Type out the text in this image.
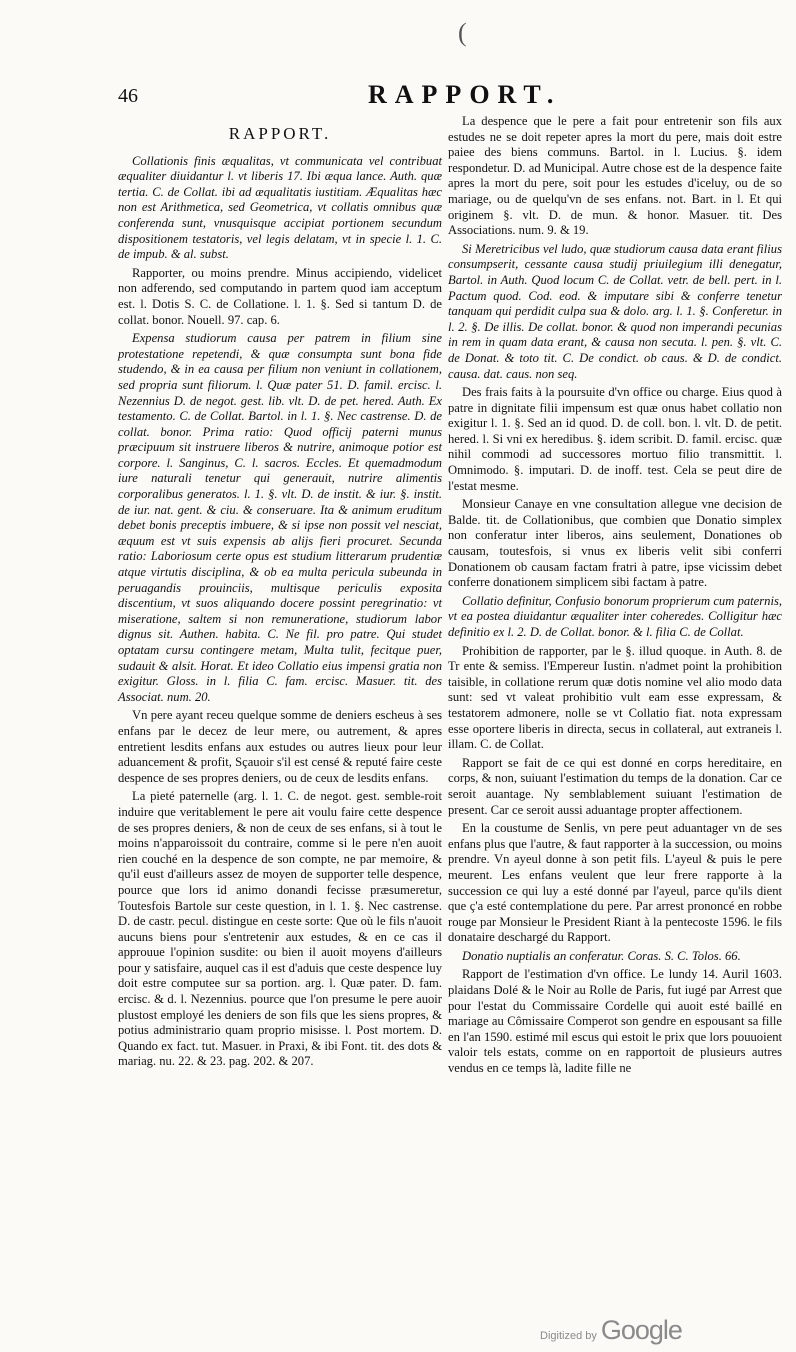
(
46	RAPPORT.
RAPPORT.

Collationis finis æqualitas, vt communicata vel contribuat æqualiter diuidantur l. vt liberis 17. Ibi æqua lance. Auth. quæ tertia. C. de Collat. ibi ad æqualitatis iustitiam. Æqualitas hæc non est Arithmetica, sed Geometrica, vt collatis omnibus quæ conferenda sunt, vnusquisque accipiat portionem secundum dispositionem testatoris, vel legis delatam, vt in specie l. 1. C. de impub. & al. subst.

Rapporter, ou moins prendre. Minus accipiendo, videlicet non adferendo, sed computando in partem quod iam acceptum est. l. Dotis S. C. de Collatione. l. 1. §. Sed si tantum D. de collat. bonor. Nouell. 97. cap. 6.

Expensa studiorum causa per patrem in filium sine protestatione repetendi, & quæ consumpta sunt bona fide studendo, & in ea causa per filium non veniunt in collationem, sed propria sunt filiorum. l. Quæ pater 51. D. famil. ercisc. l. Nezennius D. de negot. gest. lib. vlt. D. de pet. hered. Auth. Ex testamento. C. de Collat. Bartol. in l. 1. §. Nec castrense. D. de collat. bonor. Prima ratio: Quod officij paterni munus præcipuum sit instruere liberos & nutrire, animoque potior est corpore. l. Sanginus, C. l. sacros. Eccles. Et quemadmodum iure naturali tenetur qui generauit, nutrire alimentis corporalibus generatos. l. 1. §. vlt. D. de instit. & iur. §. instit. de iur. nat. gent. & ciu. & conseruare. Ita & animum eruditum debet bonis preceptis imbuere, & si ipse non possit vel nesciat, æquum est vt suis expensis ab alijs fieri procuret. Secunda ratio: Laboriosum certe opus est studium litterarum prudentiæ atque virtutis disciplina, & ob ea multa pericula subeunda in peruagandis prouinciis, multisque periculis exposita discentium, vt suos aliquando docere possint peregrinatio: vt miseratione, saltem si non remuneratione, studiorum labor dignus sit. Authen. habita. C. Ne fil. pro patre. Qui studet optatam cursu contingere metam, Multa tulit, fecitque puer, sudauit & alsit. Horat. Et ideo Collatio eius impensi gratia non exigitur. Gloss. in l. filia C. fam. ercisc. Masuer. tit. des Associat. num. 20.

Vn pere ayant receu quelque somme de deniers escheus à ses enfans par le decez de leur mere, ou autrement, & apres entretient lesdits enfans aux estudes ou autres lieux pour leur aduancement & profit, Sçauoir s'il est censé & reputé faire ceste despence de ses propres deniers, ou de ceux de lesdits enfans.

La pieté paternelle (arg. l. 1. C. de negot. gest. semble-roit induire que veritablement le pere ait voulu faire cette despence de ses propres deniers, & non de ceux de ses enfans, si à tout le moins n'apparoissoit du contraire, comme si le pere n'en auoit rien couché en la despence de son compte, ne par memoire, & qu'il eust d'ailleurs assez de moyen de supporter telle despence, pource que lors id animo donandi fecisse præsumeretur, Toutesfois Bartole sur ceste question, in l. 1. §. Nec castrense. D. de castr. pecul. distingue en ceste sorte: Que où le fils n'auoit aucuns biens pour s'entretenir aux estudes, & en ce cas il approuue l'opinion susdite: ou bien il auoit moyens d'ailleurs pour y satisfaire, auquel cas il est d'aduis que ceste despence luy doit estre computee sur sa portion. arg. l. Quæ pater. D. fam. ercisc. & d. l. Nezennius. pource que l'on presume le pere auoir plustost employé les deniers de son fils que les siens propres, & potius administrario quam proprio misisse. l. Post mortem. D. Quando ex fact. tut. Masuer. in Praxi, & ibi Font. tit. des dots & mariag. nu. 22. & 23. pag. 202. & 207.

La despence que le pere a fait pour entretenir son fils aux estudes ne se doit repeter apres la mort du pere, mais doit estre paiee des biens communs. Bartol. in l. Lucius. §. idem respondetur. D. ad Municipal. Autre chose est de la despence faite apres la mort du pere, soit pour les estudes d'iceluy, ou de so mariage, ou de quelqu'vn de ses enfans. not. Bart. in l. Et qui originem §. vlt. D. de mun. & honor. Masuer. tit. Des Associations. num. 9. & 19.

Si Meretricibus vel ludo, quæ studiorum causa data erant filius consumpserit, cessante causa studij priuilegium illi denegatur, Bartol. in Auth. Quod locum C. de Collat. vetr. de bell. pert. in l. Pactum quod. Cod. eod. & imputare sibi & conferre tenetur tanquam qui perdidit culpa sua & dolo. arg. l. 1. §. Conferetur. in l. 2. §. De illis. De collat. bonor. & quod non imperandi pecunias in rem in quam data erant, & causa non secuta. l. pen. §. vlt. C. de Donat. & toto tit. C. De condict. ob caus. & D. de condict. causa. dat. caus. non seq.

Des frais faits à la poursuite d'vn office ou charge. Eius quod à patre in dignitate filii impensum est quæ onus habet collatio non exigitur l. 1. §. Sed an id quod. D. de coll. bon. l. vlt. D. de petit. hered. l. Si vni ex heredibus. §. idem scribit. D. famil. ercisc. quæ nihil commodi ad successores mortuo filio transmittit. l. Omnimodo. §. imputari. D. de inoff. test. Cela se peut dire de l'estat mesme.

Monsieur Canaye en vne consultation allegue vne decision de Balde. tit. de Collationibus, que combien que Donatio simplex non conferatur inter liberos, ains seulement, Donationes ob causam, toutesfois, si vnus ex liberis velit sibi conferri Donationem ob causam factam fratri à patre, ipse vicissim debet conferre donationem simplicem sibi factam à patre.

Collatio definitur, Confusio bonorum proprierum cum paternis, vt ea postea diuidantur æqualiter inter coheredes. Colligitur hæc definitio ex l. 2. D. de Collat. bonor. & l. filia C. de Collat.

Prohibition de rapporter, par le §. illud quoque. in Auth. 8. de Tr ente & semiss. l'Empereur Iustin. n'admet point la prohibition taisible, in collatione rerum quæ dotis nomine vel alio modo data sunt: sed vt valeat prohibitio vult eam esse expressam, & testatorem admonere, nolle se vt Collatio fiat. nota expressam esse oportere liberis in directa, secus in collateral, aut extraneis l. illam. C. de Collat.

Rapport se fait de ce qui est donné en corps hereditaire, en corps, & non, suiuant l'estimation du temps de la donation. Car ce seroit auantage. Ny semblablement suiuant l'estimation de present. Car ce seroit aussi aduantage propter affectionem.

En la coustume de Senlis, vn pere peut aduantager vn de ses enfans plus que l'autre, & faut rapporter à la succession, ou moins prendre. Vn ayeul donne à son petit fils. L'ayeul & puis le pere meurent. Les enfans veulent que leur frere rapporte à la succession ce qui luy a esté donné par l'ayeul, parce qu'ils dient que ç'a esté contemplatione du pere. Par arrest prononcé en robbe rouge par Monsieur le President Riant à la pentecoste 1596. le fils donataire deschargé du Rapport.

Donatio nuptialis an conferatur. Coras. S. C. Tolos. 66.

Rapport de l'estimation d'vn office. Le lundy 14. Auril 1603. plaidans Dolé & le Noir au Rolle de Paris, fut iugé par Arrest que pour l'estat du Commissaire Cordelle qui auoit esté baillé en mariage au Cômissaire Comperot son gendre en espousant sa fille en l'an 1590. estimé mil escus qui estoit le prix que lors pouuoient valoir tels estats, comme on en rapportoit de plusieurs autres vendus en ce temps là, ladite fille ne

Digitized by Google
